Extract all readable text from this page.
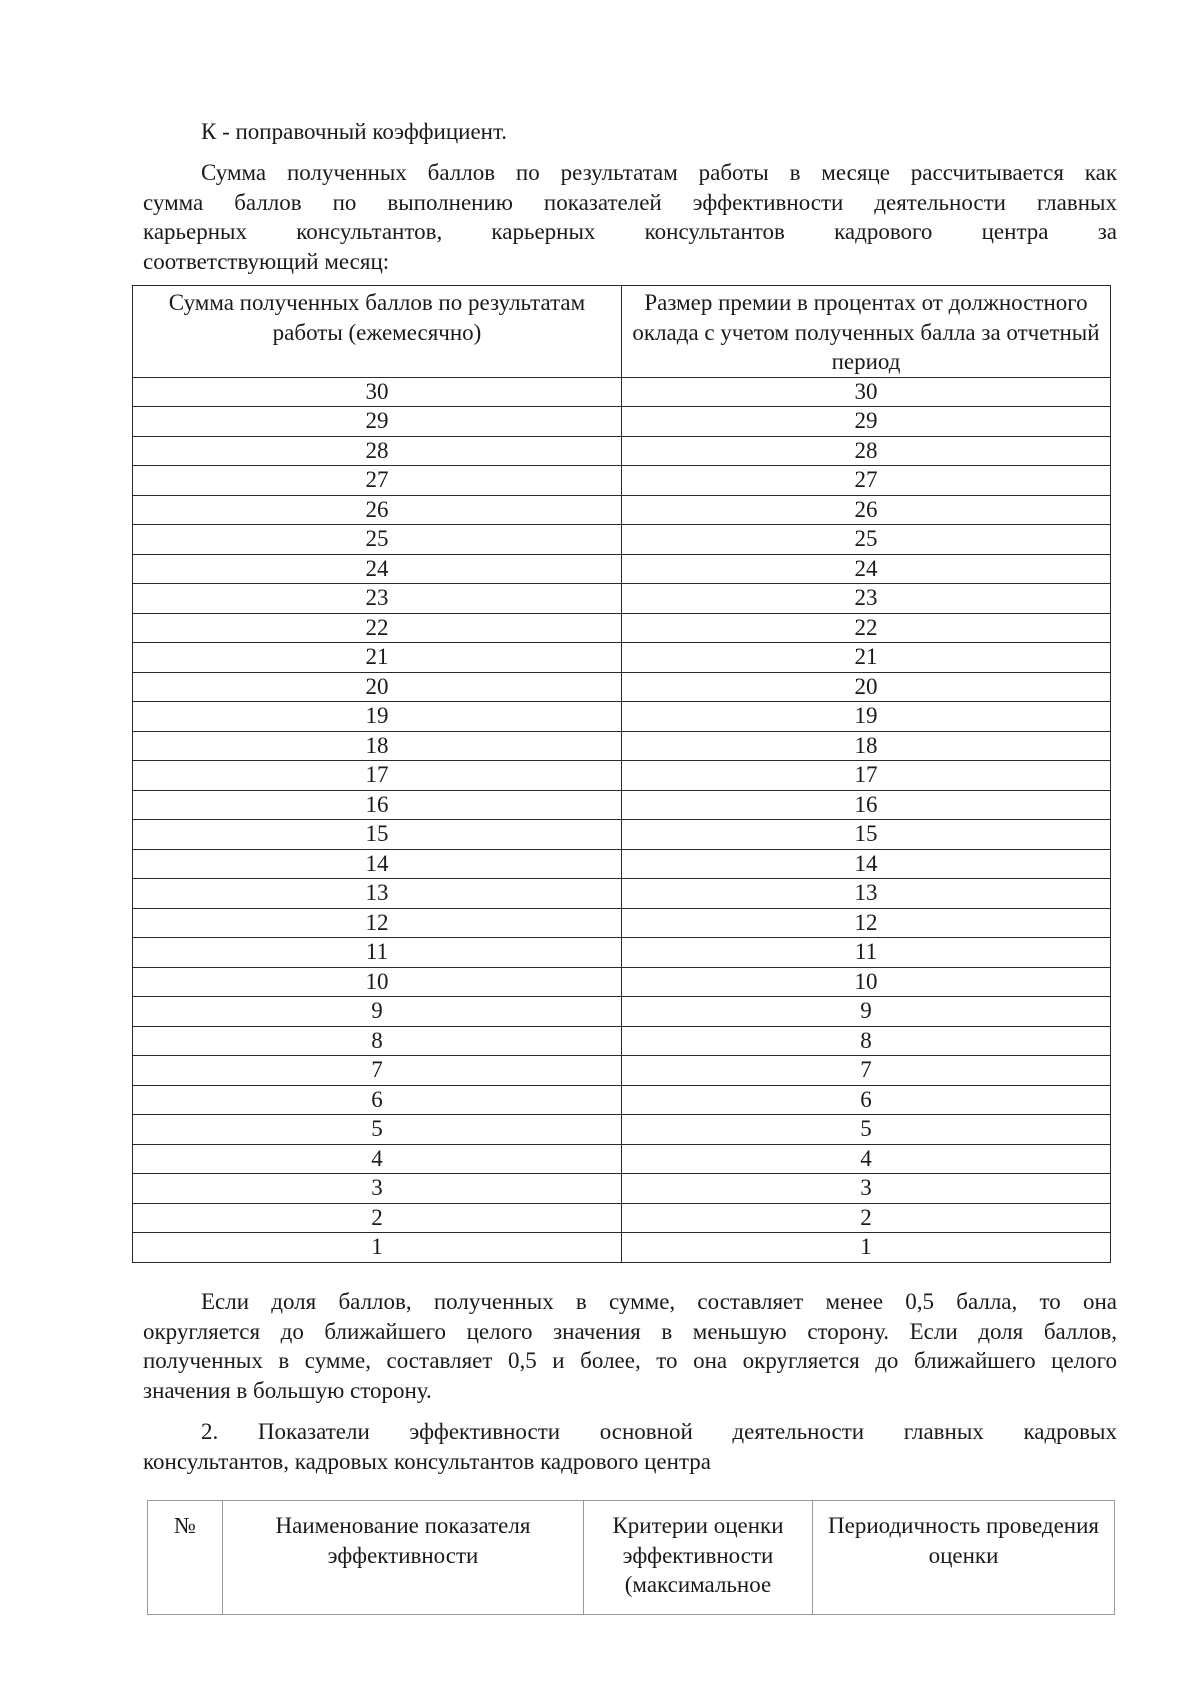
К - поправочный коэффициент.

Сумма полученных баллов по результатам работы в месяце рассчитывается как
сумма баллов по выполнению показателей эффективности деятельности главных
карьерных консультантов, карьерных консультантов кадрового центра за
соответствующий месяц:
Сумма полученных баллов по результатам работы (ежемесячно)	Размер премии в процентах от должностного оклада с учетом полученных балла за отчетный период
30	30
29	29
28	28
27	27
26	26
25	25
24	24
23	23
22	22
21	21
20	20
19	19
18	18
17	17
16	16
15	15
14	14
13	13
12	12
11	11
10	10
9	9
8	8
7	7
6	6
5	5
4	4
3	3
2	2
1	1
Если доля баллов, полученных в сумме, составляет менее 0,5 балла, то она
округляется до ближайшего целого значения в меньшую сторону. Если доля баллов,
полученных в сумме, составляет 0,5 и более, то она округляется до ближайшего целого
значения в большую сторону.
2. Показатели эффективности основной деятельности главных кадровых
консультантов, кадровых консультантов кадрового центра
№	Наименование показателя эффективности	Критерии оценки эффективности (максимальное	Периодичность проведения оценки
